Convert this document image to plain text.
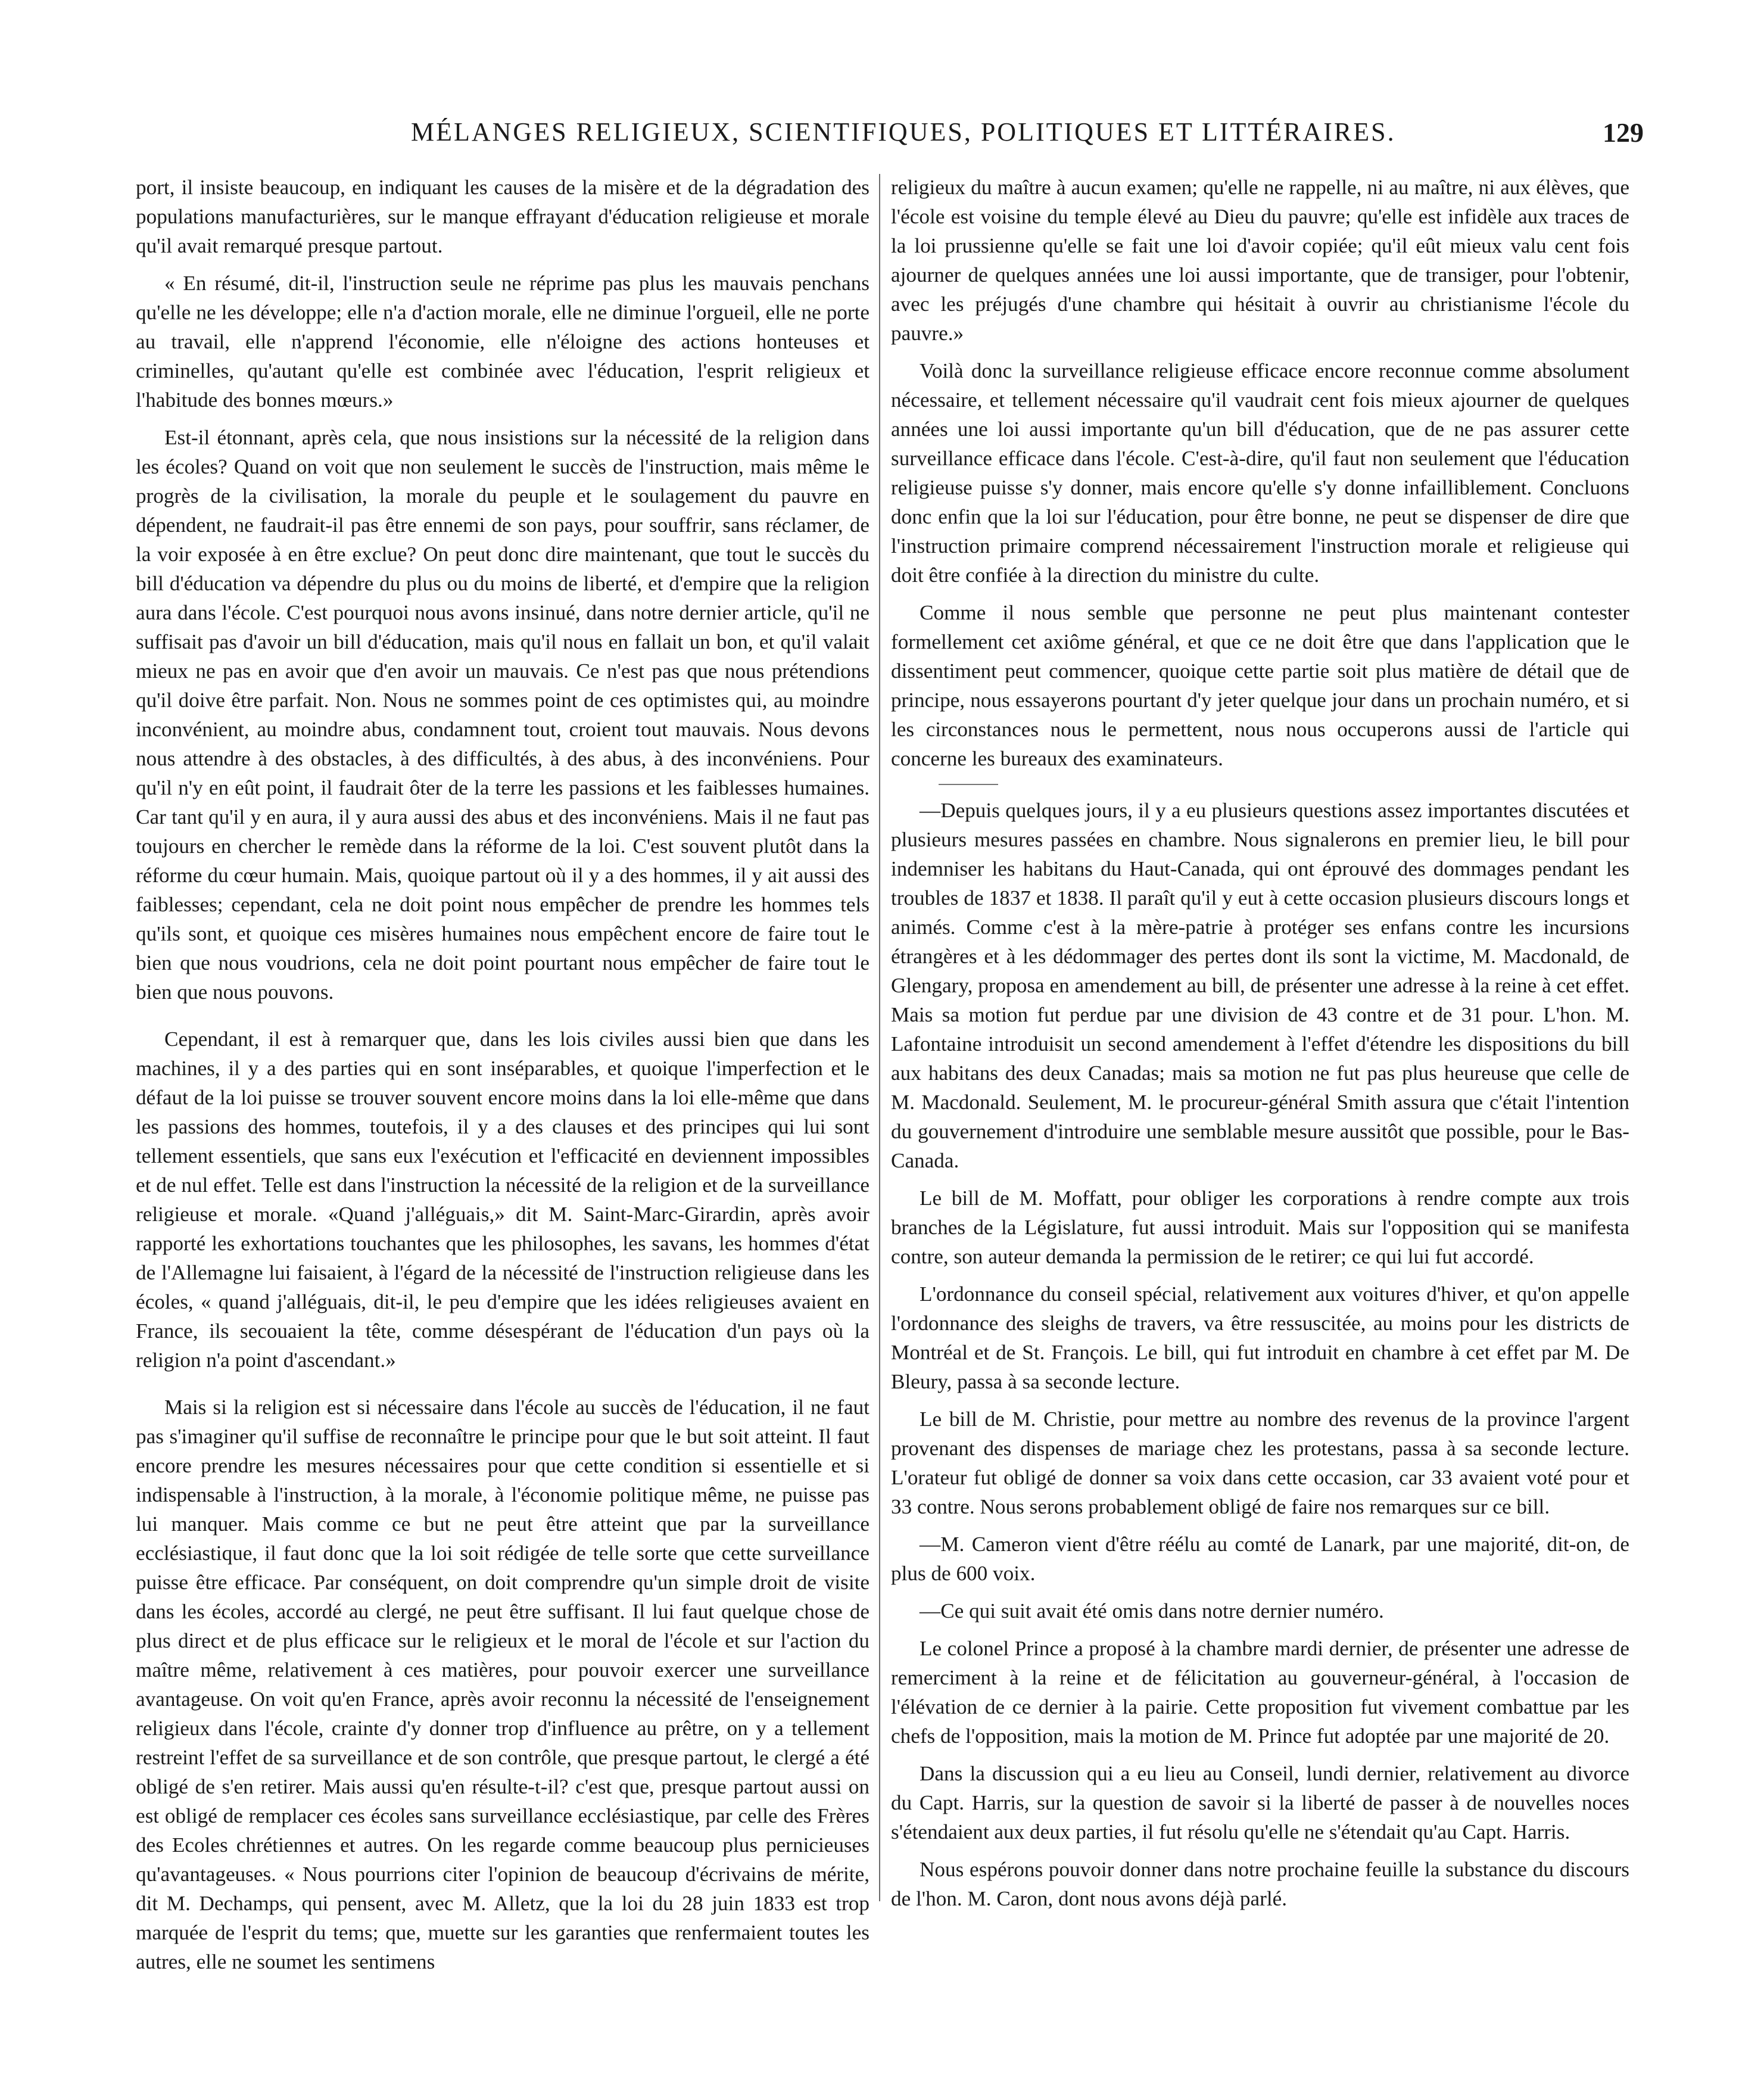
MÉLANGES RELIGIEUX, SCIENTIFIQUES, POLITIQUES ET LITTÉRAIRES.	129

port, il insiste beaucoup, en indiquant les causes de la misère et de la dégradation des populations manufacturières, sur le manque effrayant d'éducation religieuse et morale qu'il avait remarqué presque partout.

« En résumé, dit-il, l'instruction seule ne réprime pas plus les mauvais penchans qu'elle ne les développe; elle n'a d'action morale, elle ne diminue l'orgueil, elle ne porte au travail, elle n'apprend l'économie, elle n'éloigne des actions honteuses et criminelles, qu'autant qu'elle est combinée avec l'éducation, l'esprit religieux et l'habitude des bonnes mœurs.»

Est-il étonnant, après cela, que nous insistions sur la nécessité de la religion dans les écoles? Quand on voit que non seulement le succès de l'instruction, mais même le progrès de la civilisation, la morale du peuple et le soulagement du pauvre en dépendent, ne faudrait-il pas être ennemi de son pays, pour souffrir, sans réclamer, de la voir exposée à en être exclue? On peut donc dire maintenant, que tout le succès du bill d'éducation va dépendre du plus ou du moins de liberté, et d'empire que la religion aura dans l'école. C'est pourquoi nous avons insinué, dans notre dernier article, qu'il ne suffisait pas d'avoir un bill d'éducation, mais qu'il nous en fallait un bon, et qu'il valait mieux ne pas en avoir que d'en avoir un mauvais. Ce n'est pas que nous prétendions qu'il doive être parfait. Non. Nous ne sommes point de ces optimistes qui, au moindre inconvénient, au moindre abus, condamnent tout, croient tout mauvais. Nous devons nous attendre à des obstacles, à des difficultés, à des abus, à des inconvéniens. Pour qu'il n'y en eût point, il faudrait ôter de la terre les passions et les faiblesses humaines. Car tant qu'il y en aura, il y aura aussi des abus et des inconvéniens. Mais il ne faut pas toujours en chercher le remède dans la réforme de la loi. C'est souvent plutôt dans la réforme du cœur humain. Mais, quoique partout où il y a des hommes, il y ait aussi des faiblesses; cependant, cela ne doit point nous empêcher de prendre les hommes tels qu'ils sont, et quoique ces misères humaines nous empêchent encore de faire tout le bien que nous voudrions, cela ne doit point pourtant nous empêcher de faire tout le bien que nous pouvons.

Cependant, il est à remarquer que, dans les lois civiles aussi bien que dans les machines, il y a des parties qui en sont inséparables, et quoique l'imperfection et le défaut de la loi puisse se trouver souvent encore moins dans la loi elle-même que dans les passions des hommes, toutefois, il y a des clauses et des principes qui lui sont tellement essentiels, que sans eux l'exécution et l'efficacité en deviennent impossibles et de nul effet. Telle est dans l'instruction la nécessité de la religion et de la surveillance religieuse et morale. «Quand j'alléguais,» dit M. Saint-Marc-Girardin, après avoir rapporté les exhortations touchantes que les philosophes, les savans, les hommes d'état de l'Allemagne lui faisaient, à l'égard de la nécessité de l'instruction religieuse dans les écoles, « quand j'alléguais, dit-il, le peu d'empire que les idées religieuses avaient en France, ils secouaient la tête, comme désespérant de l'éducation d'un pays où la religion n'a point d'ascendant.»

Mais si la religion est si nécessaire dans l'école au succès de l'éducation, il ne faut pas s'imaginer qu'il suffise de reconnaître le principe pour que le but soit atteint. Il faut encore prendre les mesures nécessaires pour que cette condition si essentielle et si indispensable à l'instruction, à la morale, à l'économie politique même, ne puisse pas lui manquer. Mais comme ce but ne peut être atteint que par la surveillance ecclésiastique, il faut donc que la loi soit rédigée de telle sorte que cette surveillance puisse être efficace. Par conséquent, on doit comprendre qu'un simple droit de visite dans les écoles, accordé au clergé, ne peut être suffisant. Il lui faut quelque chose de plus direct et de plus efficace sur le religieux et le moral de l'école et sur l'action du maître même, relativement à ces matières, pour pouvoir exercer une surveillance avantageuse. On voit qu'en France, après avoir reconnu la nécessité de l'enseignement religieux dans l'école, crainte d'y donner trop d'influence au prêtre, on y a tellement restreint l'effet de sa surveillance et de son contrôle, que presque partout, le clergé a été obligé de s'en retirer. Mais aussi qu'en résulte-t-il? c'est que, presque partout aussi on est obligé de remplacer ces écoles sans surveillance ecclésiastique, par celle des Frères des Ecoles chrétiennes et autres. On les regarde comme beaucoup plus pernicieuses qu'avantageuses. « Nous pourrions citer l'opinion de beaucoup d'écrivains de mérite, dit M. Dechamps, qui pensent, avec M. Alletz, que la loi du 28 juin 1833 est trop marquée de l'esprit du tems; que, muette sur les garanties que renfermaient toutes les autres, elle ne soumet les sentimens

religieux du maître à aucun examen; qu'elle ne rappelle, ni au maître, ni aux élèves, que l'école est voisine du temple élevé au Dieu du pauvre; qu'elle est infidèle aux traces de la loi prussienne qu'elle se fait une loi d'avoir copiée; qu'il eût mieux valu cent fois ajourner de quelques années une loi aussi importante, que de transiger, pour l'obtenir, avec les préjugés d'une chambre qui hésitait à ouvrir au christianisme l'école du pauvre.»

Voilà donc la surveillance religieuse efficace encore reconnue comme absolument nécessaire, et tellement nécessaire qu'il vaudrait cent fois mieux ajourner de quelques années une loi aussi importante qu'un bill d'éducation, que de ne pas assurer cette surveillance efficace dans l'école. C'est-à-dire, qu'il faut non seulement que l'éducation religieuse puisse s'y donner, mais encore qu'elle s'y donne infailliblement. Concluons donc enfin que la loi sur l'éducation, pour être bonne, ne peut se dispenser de dire que l'instruction primaire comprend nécessairement l'instruction morale et religieuse qui doit être confiée à la direction du ministre du culte.

Comme il nous semble que personne ne peut plus maintenant contester formellement cet axiôme général, et que ce ne doit être que dans l'application que le dissentiment peut commencer, quoique cette partie soit plus matière de détail que de principe, nous essayerons pourtant d'y jeter quelque jour dans un prochain numéro, et si les circonstances nous le permettent, nous nous occuperons aussi de l'article qui concerne les bureaux des examinateurs.

—Depuis quelques jours, il y a eu plusieurs questions assez importantes discutées et plusieurs mesures passées en chambre. Nous signalerons en premier lieu, le bill pour indemniser les habitans du Haut-Canada, qui ont éprouvé des dommages pendant les troubles de 1837 et 1838. Il paraît qu'il y eut à cette occasion plusieurs discours longs et animés. Comme c'est à la mère-patrie à protéger ses enfans contre les incursions étrangères et à les dédommager des pertes dont ils sont la victime, M. Macdonald, de Glengary, proposa en amendement au bill, de présenter une adresse à la reine à cet effet. Mais sa motion fut perdue par une division de 43 contre et de 31 pour. L'hon. M. Lafontaine introduisit un second amendement à l'effet d'étendre les dispositions du bill aux habitans des deux Canadas; mais sa motion ne fut pas plus heureuse que celle de M. Macdonald. Seulement, M. le procureur-général Smith assura que c'était l'intention du gouvernement d'introduire une semblable mesure aussitôt que possible, pour le Bas-Canada.

Le bill de M. Moffatt, pour obliger les corporations à rendre compte aux trois branches de la Législature, fut aussi introduit. Mais sur l'opposition qui se manifesta contre, son auteur demanda la permission de le retirer; ce qui lui fut accordé.

L'ordonnance du conseil spécial, relativement aux voitures d'hiver, et qu'on appelle l'ordonnance des sleighs de travers, va être ressuscitée, au moins pour les districts de Montréal et de St. François. Le bill, qui fut introduit en chambre à cet effet par M. De Bleury, passa à sa seconde lecture.

Le bill de M. Christie, pour mettre au nombre des revenus de la province l'argent provenant des dispenses de mariage chez les protestans, passa à sa seconde lecture. L'orateur fut obligé de donner sa voix dans cette occasion, car 33 avaient voté pour et 33 contre. Nous serons probablement obligé de faire nos remarques sur ce bill.

—M. Cameron vient d'être réélu au comté de Lanark, par une majorité, dit-on, de plus de 600 voix.

—Ce qui suit avait été omis dans notre dernier numéro.

Le colonel Prince a proposé à la chambre mardi dernier, de présenter une adresse de remerciment à la reine et de félicitation au gouverneur-général, à l'occasion de l'élévation de ce dernier à la pairie. Cette proposition fut vivement combattue par les chefs de l'opposition, mais la motion de M. Prince fut adoptée par une majorité de 20.

Dans la discussion qui a eu lieu au Conseil, lundi dernier, relativement au divorce du Capt. Harris, sur la question de savoir si la liberté de passer à de nouvelles noces s'étendaient aux deux parties, il fut résolu qu'elle ne s'étendait qu'au Capt. Harris.

Nous espérons pouvoir donner dans notre prochaine feuille la substance du discours de l'hon. M. Caron, dont nous avons déjà parlé.
